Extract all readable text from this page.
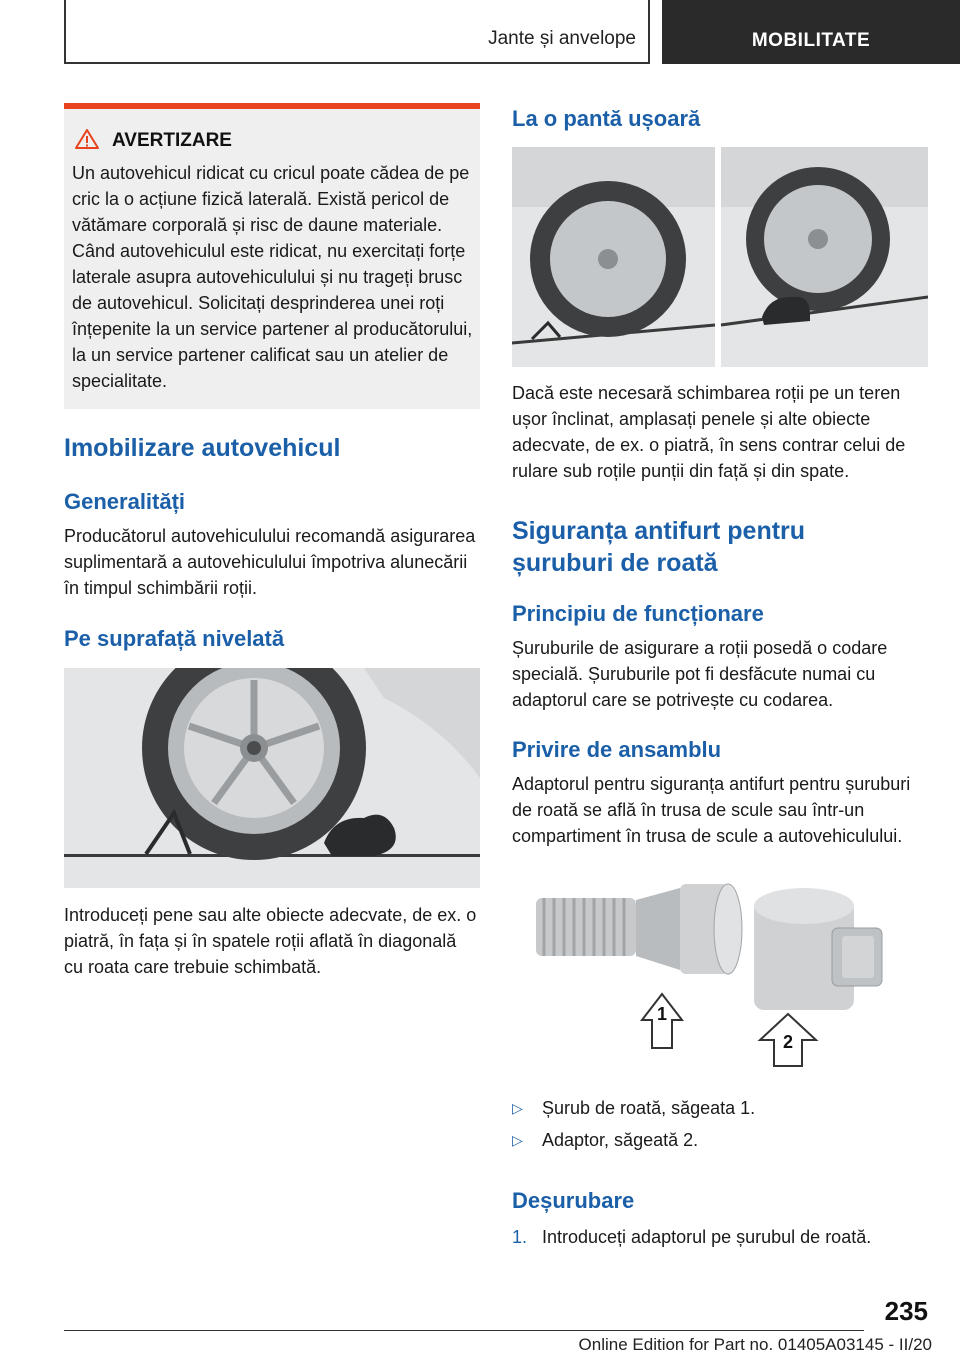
Jante și anvelope	MOBILITATE
AVERTIZARE
Un autovehicul ridicat cu cricul poate cădea de pe cric la o acțiune fizică laterală. Există pericol de vătămare corporală și risc de daune materiale. Când autovehiculul este ridicat, nu exercitați forțe laterale asupra autovehiculului și nu trageți brusc de autovehicul. Solicitați desprinderea unei roți înțepenite la un service partener al producătorului, la un service partener calificat sau un atelier de specialitate.
Imobilizare autovehicul
Generalități
Producătorul autovehiculului recomandă asigurarea suplimentară a autovehiculului împotriva alunecării în timpul schimbării roții.
Pe suprafață nivelată
Introduceți pene sau alte obiecte adecvate, de ex. o piatră, în fața și în spatele roții aflată în diagonală cu roata care trebuie schimbată.
La o pantă ușoară
Dacă este necesară schimbarea roții pe un teren ușor înclinat, amplasați penele și alte obiecte adecvate, de ex. o piatră, în sens contrar celui de rulare sub roțile punții din față și din spate.
Siguranța antifurt pentru șuruburi de roată
Principiu de funcționare
Șuruburile de asigurare a roții posedă o codare specială. Șuruburile pot fi desfăcute numai cu adaptorul care se potrivește cu codarea.
Privire de ansamblu
Adaptorul pentru siguranța antifurt pentru șuruburi de roată se află în trusa de scule sau într-un compartiment în trusa de scule a autovehiculului.
1
2
▷ Șurub de roată, săgeata 1.
▷ Adaptor, săgeată 2.
Deșurubare
1. Introduceți adaptorul pe șurubul de roată.
235
Online Edition for Part no. 01405A03145 - II/20
